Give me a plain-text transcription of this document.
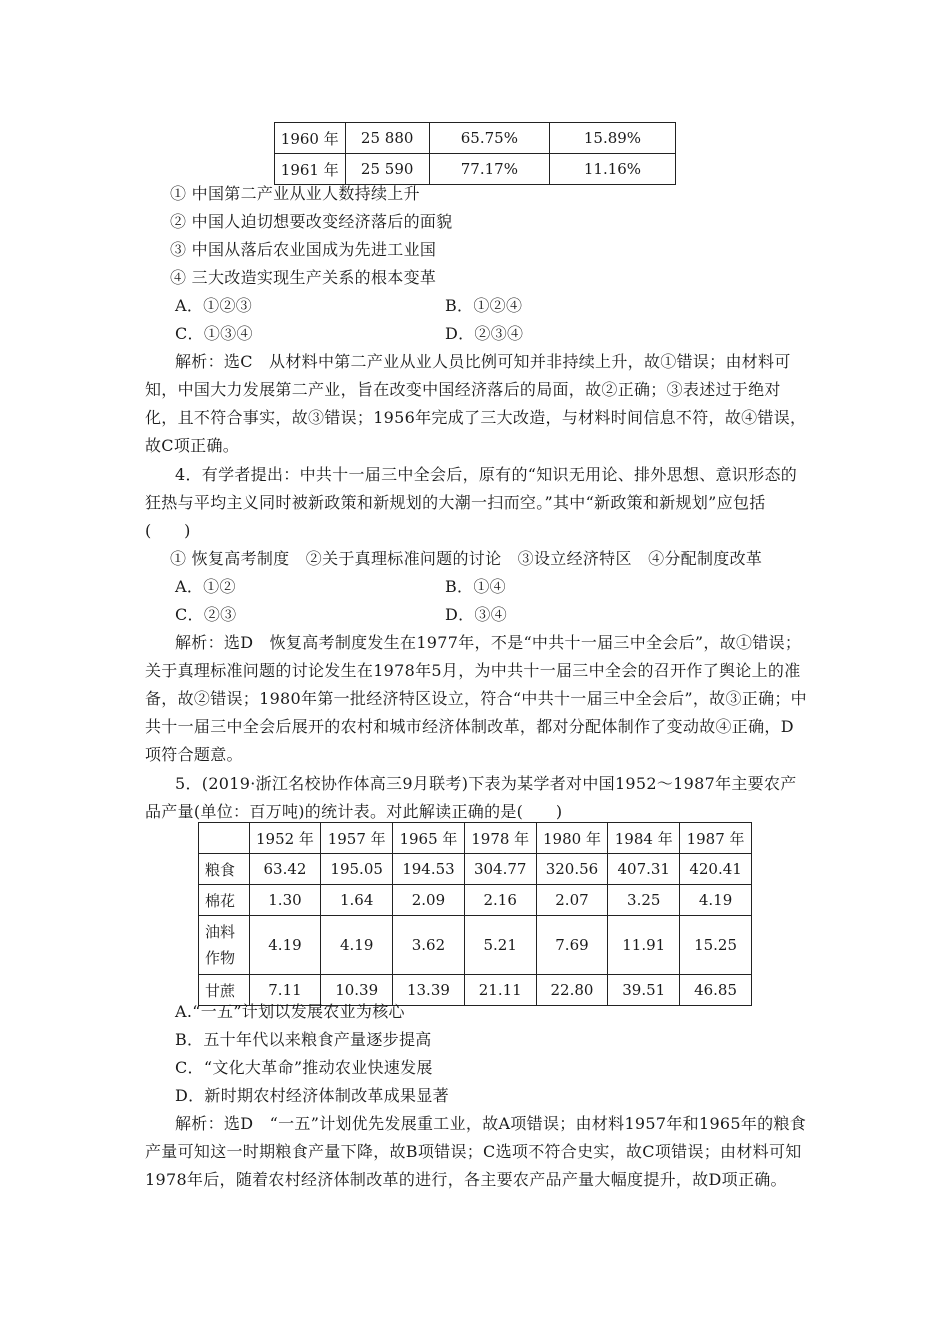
1960 年	25 880	65.75%	15.89%
1961 年	25 590	77.17%	11.16%

① 中国第二产业从业人数持续上升

② 中国人迫切想要改变经济落后的面貌

③ 中国从落后农业国成为先进工业国

④ 三大改造实现生产关系的根本变革

A．①②③	B．①②④

C．①③④	D．②③④

解析：选C　从材料中第二产业从业人员比例可知并非持续上升，故①错误；由材料可知，中国大力发展第二产业，旨在改变中国经济落后的局面，故②正确；③表述过于绝对化，且不符合事实，故③错误；1956年完成了三大改造，与材料时间信息不符，故④错误，故C项正确。

4．有学者提出：中共十一届三中全会后，原有的“知识无用论、排外思想、意识形态的狂热与平均主义同时被新政策和新规划的大潮一扫而空。”其中“新政策和新规划”应包括(　　)

① 恢复高考制度　②关于真理标准问题的讨论　③设立经济特区　④分配制度改革

A．①②	B．①④

C．②③	D．③④

解析：选D　恢复高考制度发生在1977年，不是“中共十一届三中全会后”，故①错误；关于真理标准问题的讨论发生在1978年5月，为中共十一届三中全会的召开作了舆论上的准备，故②错误；1980年第一批经济特区设立，符合“中共十一届三中全会后”，故③正确；中共十一届三中全会后展开的农村和城市经济体制改革，都对分配体制作了变动故④正确，D项符合题意。

5．(2019·浙江名校协作体高三9月联考)下表为某学者对中国1952～1987年主要农产品产量(单位：百万吨)的统计表。对此解读正确的是(　　)

	1952 年	1957 年	1965 年	1978 年	1980 年	1984 年	1987 年
粮食	63.42	195.05	194.53	304.77	320.56	407.31	420.41
棉花	1.30	1.64	2.09	2.16	2.07	3.25	4.19
油料
作物	4.19	4.19	3.62	5.21	7.69	11.91	15.25
甘蔗	7.11	10.39	13.39	21.11	22.80	39.51	46.85

A.“一五”计划以发展农业为核心

B．五十年代以来粮食产量逐步提高

C．“文化大革命”推动农业快速发展

D．新时期农村经济体制改革成果显著

解析：选D　“一五”计划优先发展重工业，故A项错误；由材料1957年和1965年的粮食产量可知这一时期粮食产量下降，故B项错误；C选项不符合史实，故C项错误；由材料可知1978年后，随着农村经济体制改革的进行，各主要农产品产量大幅度提升，故D项正确。
